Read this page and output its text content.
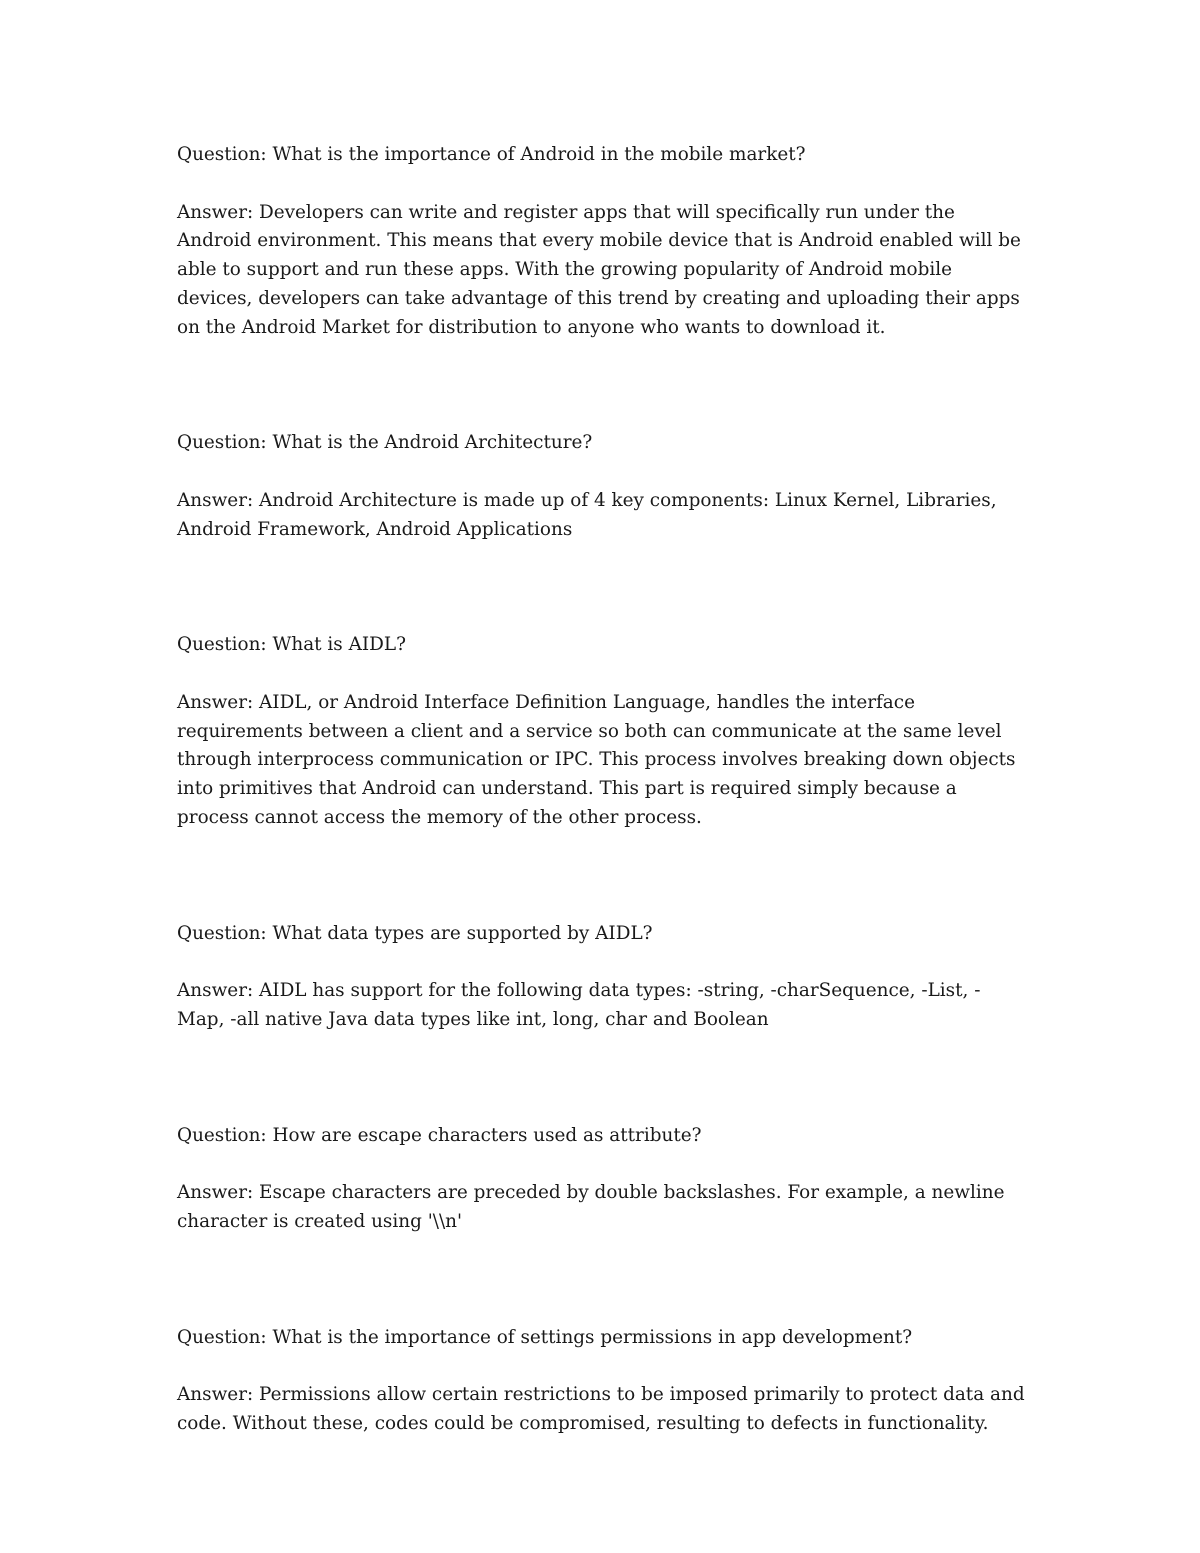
Question: What is the importance of Android in the mobile market?

Answer: Developers can write and register apps that will specifically run under the Android environment. This means that every mobile device that is Android enabled will be able to support and run these apps. With the growing popularity of Android mobile devices, developers can take advantage of this trend by creating and uploading their apps on the Android Market for distribution to anyone who wants to download it.

Question: What is the Android Architecture?

Answer: Android Architecture is made up of 4 key components: Linux Kernel, Libraries, Android Framework, Android Applications

Question: What is AIDL?

Answer: AIDL, or Android Interface Definition Language, handles the interface requirements between a client and a service so both can communicate at the same level through interprocess communication or IPC. This process involves breaking down objects into primitives that Android can understand. This part is required simply because a process cannot access the memory of the other process.

Question: What data types are supported by AIDL?

Answer: AIDL has support for the following data types: -string, -charSequence, -List, -Map, -all native Java data types like int, long, char and Boolean

Question: How are escape characters used as attribute?

Answer: Escape characters are preceded by double backslashes. For example, a newline character is created using '\\n'

Question: What is the importance of settings permissions in app development?

Answer: Permissions allow certain restrictions to be imposed primarily to protect data and code. Without these, codes could be compromised, resulting to defects in functionality.
